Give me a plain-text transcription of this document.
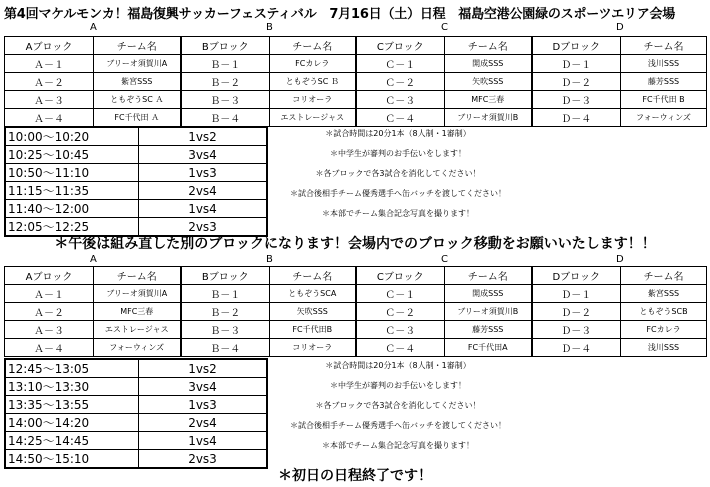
第4回マケルモンカ！福島復興サッカーフェスティバル　7月16日（土）日程　福島空港公園緑のスポーツエリア会場
A	B	C	D
Aブロック	チーム名	Bブロック	チーム名	Cブロック	チーム名	Dブロック	チーム名
Ａ－１	ブリーオ須賀川A	Ｂ－１	FCカレラ	Ｃ－１	開成SSS	Ｄ－１	浅川SSS
Ａ－２	紫宮SSS	Ｂ－２	ともぞうSC Ｂ	Ｃ－２	矢吹SSS	Ｄ－２	藤芳SSS
Ａ－３	ともぞうSC Ａ	Ｂ－３	コリオーラ	Ｃ－３	MFC三春	Ｄ－３	FC千代田 B
Ａ－４	FC千代田 Ａ	Ｂ－４	エストレージャス	Ｃ－４	ブリーオ須賀川B	Ｄ－４	フォーウィンズ
10:00～10:20	1vs2
10:25～10:45	3vs4
10:50～11:10	1vs3
11:15～11:35	2vs4
11:40～12:00	1vs4
12:05～12:25	2vs3
＊試合時間は20分1本（8人制・1審制）
＊中学生が審判のお手伝いをします！
＊各ブロックで各3試合を消化してください！
＊試合後相手チーム優秀選手へ缶バッチを渡してください！
＊本部でチーム集合記念写真を撮ります！
＊午後は組み直した別のブロックになります！会場内でのブロック移動をお願いいたします！！
A	B	C	D
Aブロック	チーム名	Bブロック	チーム名	Cブロック	チーム名	Dブロック	チーム名
Ａ－１	ブリーオ須賀川A	Ｂ－１	ともぞうSCA	Ｃ－１	開成SSS	Ｄ－１	紫宮SSS
Ａ－２	MFC三春	Ｂ－２	矢吹SSS	Ｃ－２	ブリーオ須賀川B	Ｄ－２	ともぞうSCB
Ａ－３	エストレージャス	Ｂ－３	FC千代田B	Ｃ－３	藤芳SSS	Ｄ－３	FCカレラ
Ａ－４	フォーウィンズ	Ｂ－４	コリオーラ	Ｃ－４	FC千代田A	Ｄ－４	浅川SSS
12:45～13:05	1vs2
13:10～13:30	3vs4
13:35～13:55	1vs3
14:00～14:20	2vs4
14:25～14:45	1vs4
14:50～15:10	2vs3
＊試合時間は20分1本（8人制・1審制）
＊中学生が審判のお手伝いをします！
＊各ブロックで各3試合を消化してください！
＊試合後相手チーム優秀選手へ缶バッチを渡してください！
＊本部でチーム集合記念写真を撮ります！
＊初日の日程終了です！
